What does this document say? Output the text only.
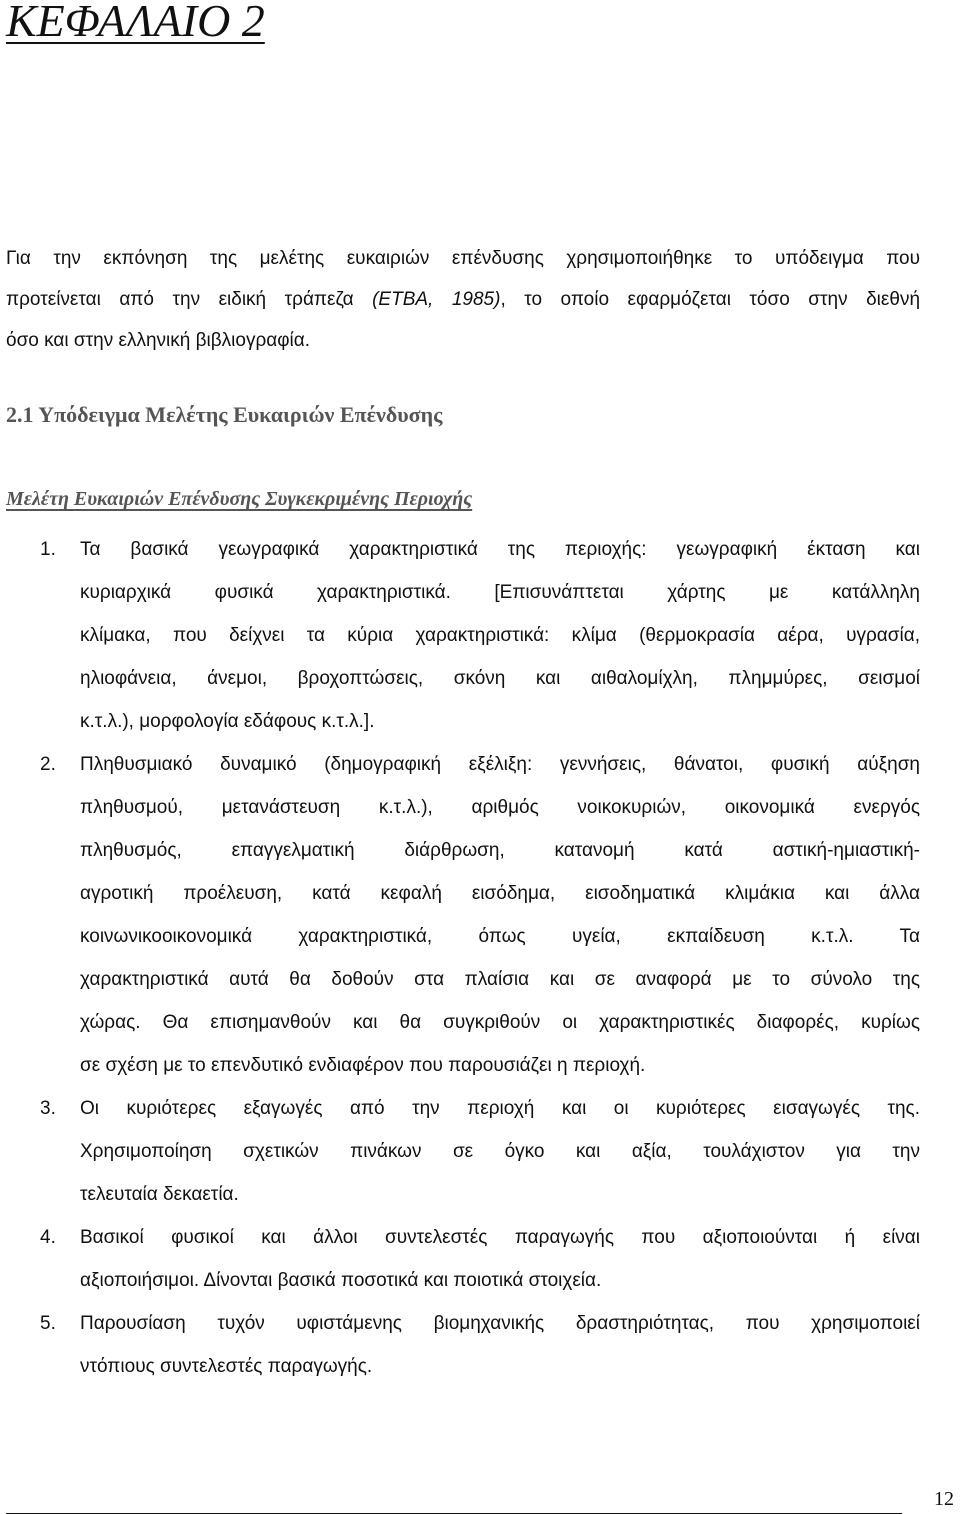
ΚΕΦΑΛΑΙΟ 2

Για την εκπόνηση της μελέτης ευκαιριών επένδυσης χρησιμοποιήθηκε το υπόδειγμα που
προτείνεται από την ειδική τράπεζα (ΕΤΒΑ, 1985), το οποίο εφαρμόζεται τόσο στην διεθνή
όσο και στην ελληνική βιβλιογραφία.

2.1 Υπόδειγμα Μελέτης Ευκαιριών Επένδυσης
Μελέτη Ευκαιριών Επένδυσης Συγκεκριμένης Περιοχής
1. Τα βασικά γεωγραφικά χαρακτηριστικά της περιοχής: γεωγραφική έκταση και
κυριαρχικά φυσικά χαρακτηριστικά. [Επισυνάπτεται χάρτης με κατάλληλη
κλίμακα, που δείχνει τα κύρια χαρακτηριστικά: κλίμα (θερμοκρασία αέρα, υγρασία,
ηλιοφάνεια, άνεμοι, βροχοπτώσεις, σκόνη και αιθαλομίχλη, πλημμύρες, σεισμοί
κ.τ.λ.), μορφολογία εδάφους κ.τ.λ.].
2. Πληθυσμιακό δυναμικό (δημογραφική εξέλιξη: γεννήσεις, θάνατοι, φυσική αύξηση
πληθυσμού, μετανάστευση κ.τ.λ.), αριθμός νοικοκυριών, οικονομικά ενεργός
πληθυσμός, επαγγελματική διάρθρωση, κατανομή κατά αστική-ημιαστική-
αγροτική προέλευση, κατά κεφαλή εισόδημα, εισοδηματικά κλιμάκια και άλλα
κοινωνικοοικονομικά χαρακτηριστικά, όπως υγεία, εκπαίδευση κ.τ.λ. Τα
χαρακτηριστικά αυτά θα δοθούν στα πλαίσια και σε αναφορά με το σύνολο της
χώρας. Θα επισημανθούν και θα συγκριθούν οι χαρακτηριστικές διαφορές, κυρίως
σε σχέση με το επενδυτικό ενδιαφέρον που παρουσιάζει η περιοχή.
3. Οι κυριότερες εξαγωγές από την περιοχή και οι κυριότερες εισαγωγές της.
Χρησιμοποίηση σχετικών πινάκων σε όγκο και αξία, τουλάχιστον για την
τελευταία δεκαετία.
4. Βασικοί φυσικοί και άλλοι συντελεστές παραγωγής που αξιοποιούνται ή είναι
αξιοποιήσιμοι. Δίνονται βασικά ποσοτικά και ποιοτικά στοιχεία.
5. Παρουσίαση τυχόν υφιστάμενης βιομηχανικής δραστηριότητας, που χρησιμοποιεί
ντόπιους συντελεστές παραγωγής.
12
